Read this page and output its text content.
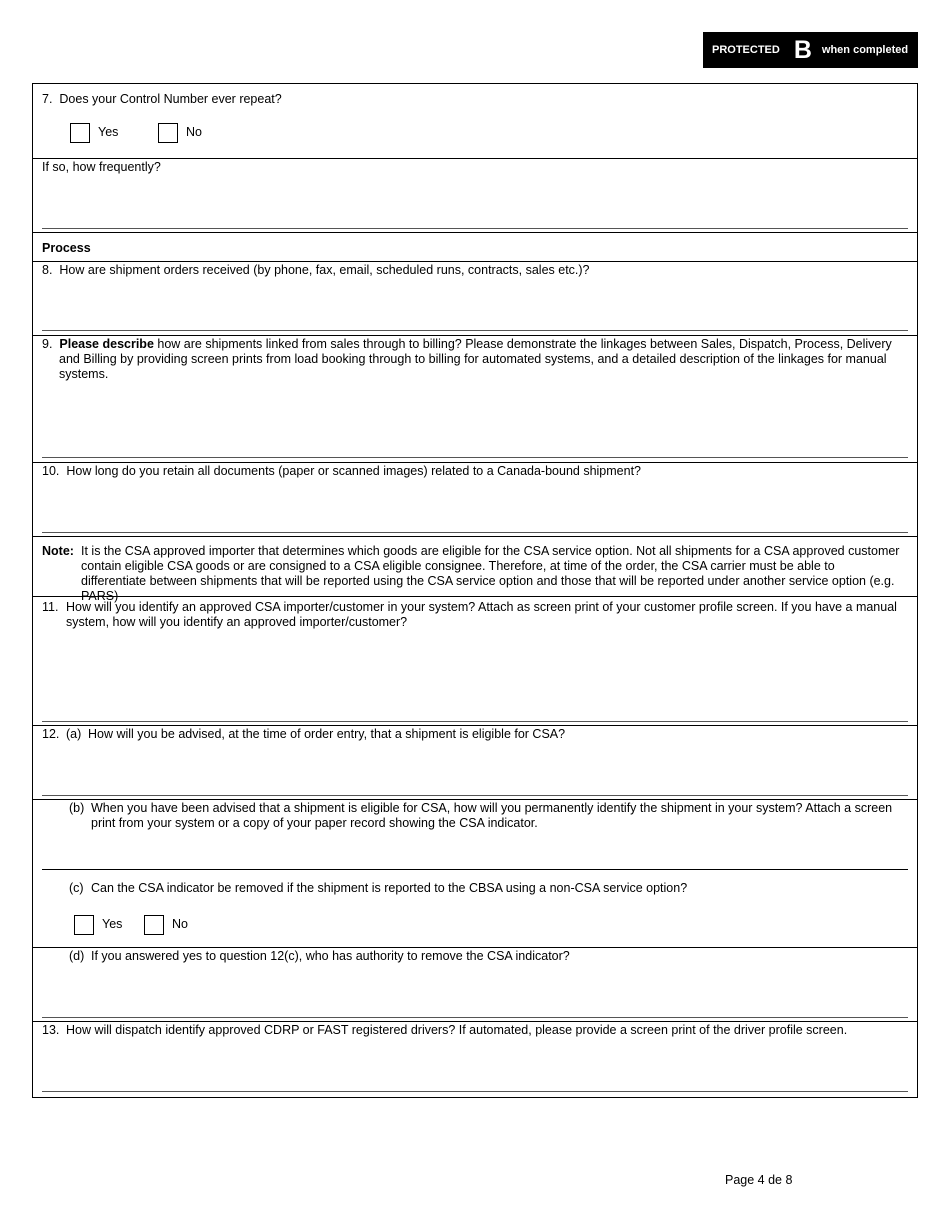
PROTECTED B when completed
7. Does your Control Number ever repeat?
Yes	No
If so, how frequently?
Process
8. How are shipment orders received (by phone, fax, email, scheduled runs, contracts, sales etc.)?
9. Please describe how are shipments linked from sales through to billing? Please demonstrate the linkages between Sales, Dispatch, Process, Delivery and Billing by providing screen prints from load booking through to billing for automated systems, and a detailed description of the linkages for manual systems.
10. How long do you retain all documents (paper or scanned images) related to a Canada-bound shipment?
Note: It is the CSA approved importer that determines which goods are eligible for the CSA service option. Not all shipments for a CSA approved customer contain eligible CSA goods or are consigned to a CSA eligible consignee. Therefore, at time of the order, the CSA carrier must be able to differentiate between shipments that will be reported using the CSA service option and those that will be reported under another service option (e.g. PARS)
11. How will you identify an approved CSA importer/customer in your system? Attach as screen print of your customer profile screen. If you have a manual system, how will you identify an approved importer/customer?
12. (a) How will you be advised, at the time of order entry, that a shipment is eligible for CSA?
(b) When you have been advised that a shipment is eligible for CSA, how will you permanently identify the shipment in your system? Attach a screen print from your system or a copy of your paper record showing the CSA indicator.
(c) Can the CSA indicator be removed if the shipment is reported to the CBSA using a non-CSA service option?
Yes	No
(d) If you answered yes to question 12(c), who has authority to remove the CSA indicator?
13. How will dispatch identify approved CDRP or FAST registered drivers? If automated, please provide a screen print of the driver profile screen.
Page 4 de 8
